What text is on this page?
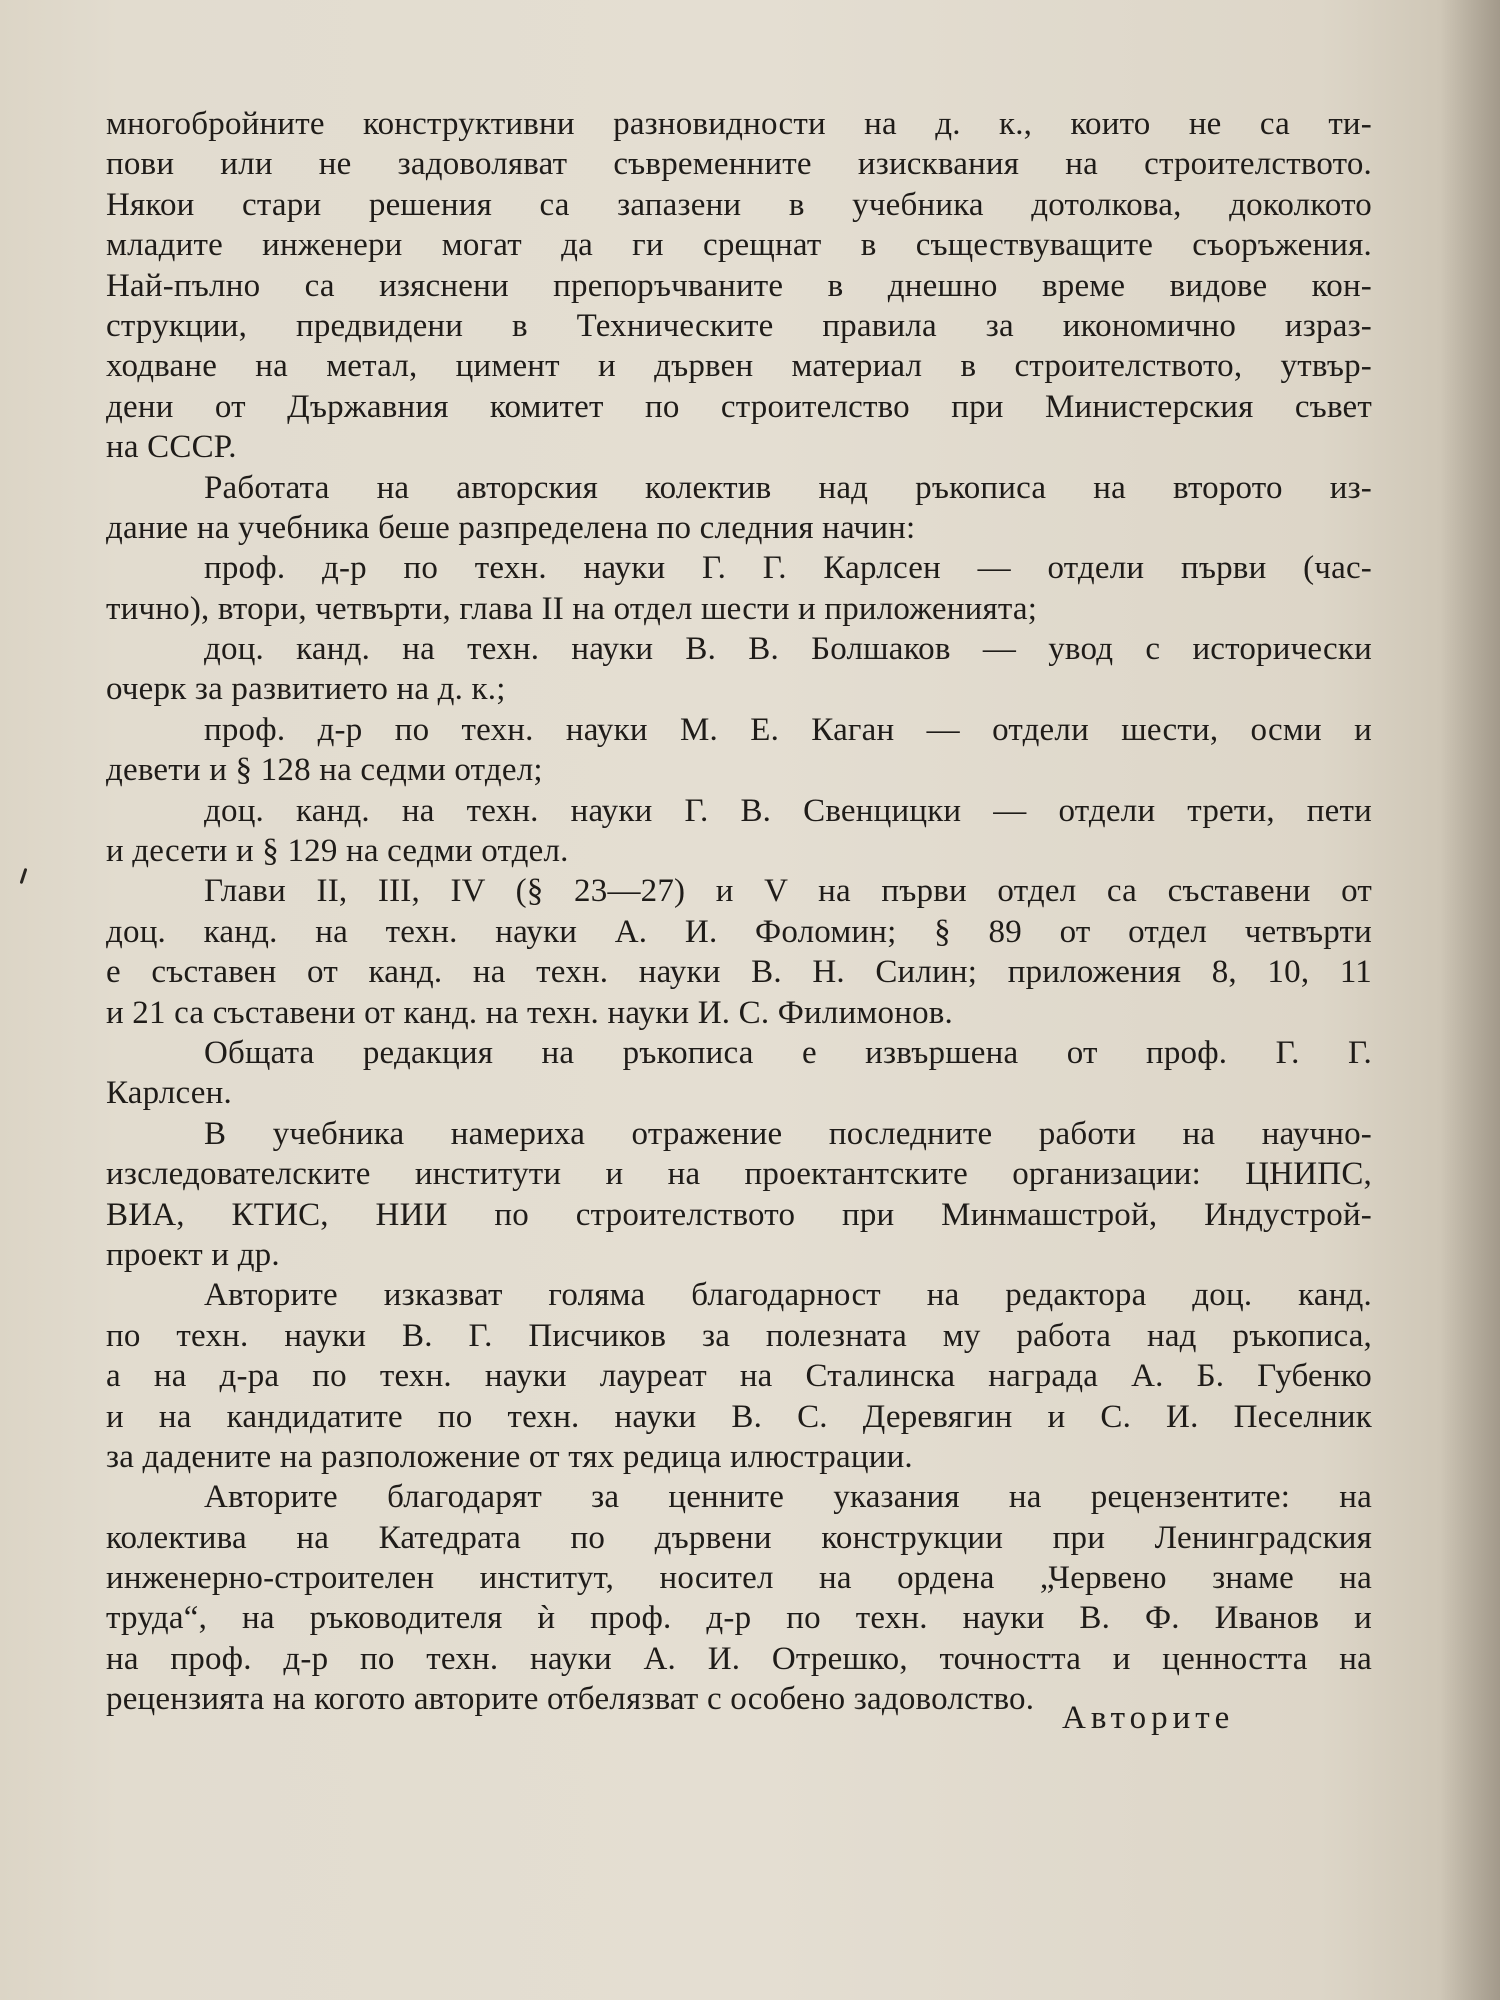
многобройните конструктивни разновидности на д. к., които не са ти-
пови или не задоволяват съвременните изисквания на строителството.
Някои стари решения са запазени в учебника дотолкова, доколкото
младите инженери могат да ги срещнат в съществуващите съоръжения.
Най-пълно са изяснени препоръчваните в днешно време видове кон-
струкции, предвидени в Техническите правила за икономично израз-
ходване на метал, цимент и дървен материал в строителството, утвър-
дени от Държавния комитет по строителство при Министерския съвет
на СССР.
Работата на авторския колектив над ръкописа на второто из-
дание на учебника беше разпределена по следния начин:
проф. д-р по техн. науки Г. Г. Карлсен — отдели първи (час-
тично), втори, четвърти, глава II на отдел шести и приложенията;
доц. канд. на техн. науки В. В. Болшаков — увод с исторически
очерк за развитието на д. к.;
проф. д-р по техн. науки М. Е. Каган — отдели шести, осми и
девети и § 128 на седми отдел;
доц. канд. на техн. науки Г. В. Свенцицки — отдели трети, пети
и десети и § 129 на седми отдел.
Глави II, III, IV (§ 23—27) и V на първи отдел са съставени от
доц. канд. на техн. науки А. И. Фоломин; § 89 от отдел четвърти
е съставен от канд. на техн. науки В. Н. Силин; приложения 8, 10, 11
и 21 са съставени от канд. на техн. науки И. С. Филимонов.
Общата редакция на ръкописа е извършена от проф. Г. Г.
Карлсен.
В учебника намериха отражение последните работи на научно-
изследователските институти и на проектантските организации: ЦНИПС,
ВИА, КТИС, НИИ по строителството при Минмашстрой, Индустрой-
проект и др.
Авторите изказват голяма благодарност на редактора доц. канд.
по техн. науки В. Г. Писчиков за полезната му работа над ръкописа,
а на д-ра по техн. науки лауреат на Сталинска награда А. Б. Губенко
и на кандидатите по техн. науки В. С. Деревягин и С. И. Песелник
за дадените на разположение от тях редица илюстрации.
Авторите благодарят за ценните указания на рецензентите: на
колектива на Катедрата по дървени конструкции при Ленинградския
инженерно-строителен институт, носител на ордена „Червено знаме на
труда“, на ръководителя ѝ проф. д-р по техн. науки В. Ф. Иванов и
на проф. д-р по техн. науки А. И. Отрешко, точността и ценността на
рецензията на когото авторите отбелязват с особено задоволство.
Авторите
